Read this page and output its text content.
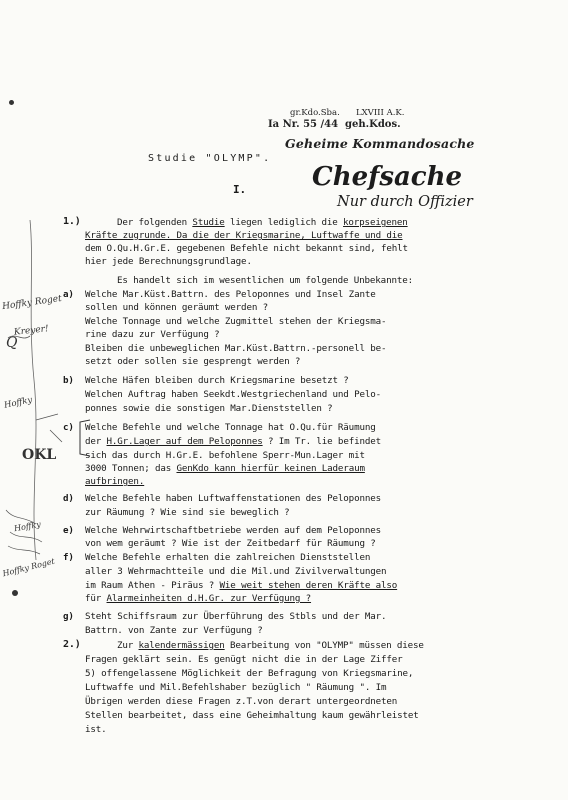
gr.Kdo.Sba.      LXVIII A.K.
Ia Nr. 55 /44  geh.Kdos.
Geheime Kommandosache
Studie "OLYMP".
Chefsache
I.
Nur durch Offizier
1.)	Der folgenden Studie liegen lediglich die korpseigenen
Kräfte zugrunde. Da die der Kriegsmarine, Luftwaffe und die
dem O.Qu.H.Gr.E. gegebenen Befehle nicht bekannt sind, fehlt
hier jede Berechnungsgrundlage.
Es handelt sich im wesentlichen um folgende Unbekannte:
a) Welche Mar.Küst.Battrn. des Peloponnes und Insel Zante
sollen und können geräumt werden ?
Welche Tonnage und welche Zugmittel stehen der Kriegsma-
rine dazu zur Verfügung ?
Bleiben die unbeweglichen Mar.Küst.Battrn.-personell be-
setzt oder sollen sie gesprengt werden ?
b) Welche Häfen bleiben durch Kriegsmarine besetzt ?
Welchen Auftrag haben Seekdt.Westgriechenland und Pelo-
ponnes sowie die sonstigen Mar.Dienststellen ?
c) Welche Befehle und welche Tonnage hat O.Qu.für Räumung
der H.Gr.Lager auf dem Peloponnes ? Im Tr. lie befindet
sich das durch H.Gr.E. befohlene Sperr-Mun.Lager mit
3000 Tonnen; das GenKdo kann hierfür keinen Laderaum
aufbringen.
d) Welche Befehle haben Luftwaffenstationen des Peloponnes
zur Räumung ? Wie sind sie beweglich ?
e) Welche Wehrwirtschaftbetriebe werden auf dem Peloponnes
von wem geräumt ? Wie ist der Zeitbedarf für Räumung ?
f) Welche Befehle erhalten die zahlreichen Dienststellen
aller 3 Wehrmachtteile und die Mil.und Zivilverwaltungen
im Raum Athen - Piräus ? Wie weit stehen deren Kräfte also
für Alarmeinheiten d.H.Gr. zur Verfügung ?
g) Steht Schiffsraum zur Überführung des Stbls und der Mar.
Battrn. von Zante zur Verfügung ?
2.)	Zur kalendermässigen Bearbeitung von "OLYMP" müssen diese
Fragen geklärt sein. Es genügt nicht die in der Lage Ziffer
5) offengelassene Möglichkeit der Befragung von Kriegsmarine,
Luftwaffe und Mil.Befehlshaber bezüglich " Räumung ". Im
Übrigen werden diese Fragen z.T.von derart untergeordneten
Stellen bearbeitet, dass eine Geheimhaltung kaum gewährleistet
ist.
Hoffky Roget
Kreyer!
Q
Hoffky
OKL
Hoffky
Hoffky Roget
